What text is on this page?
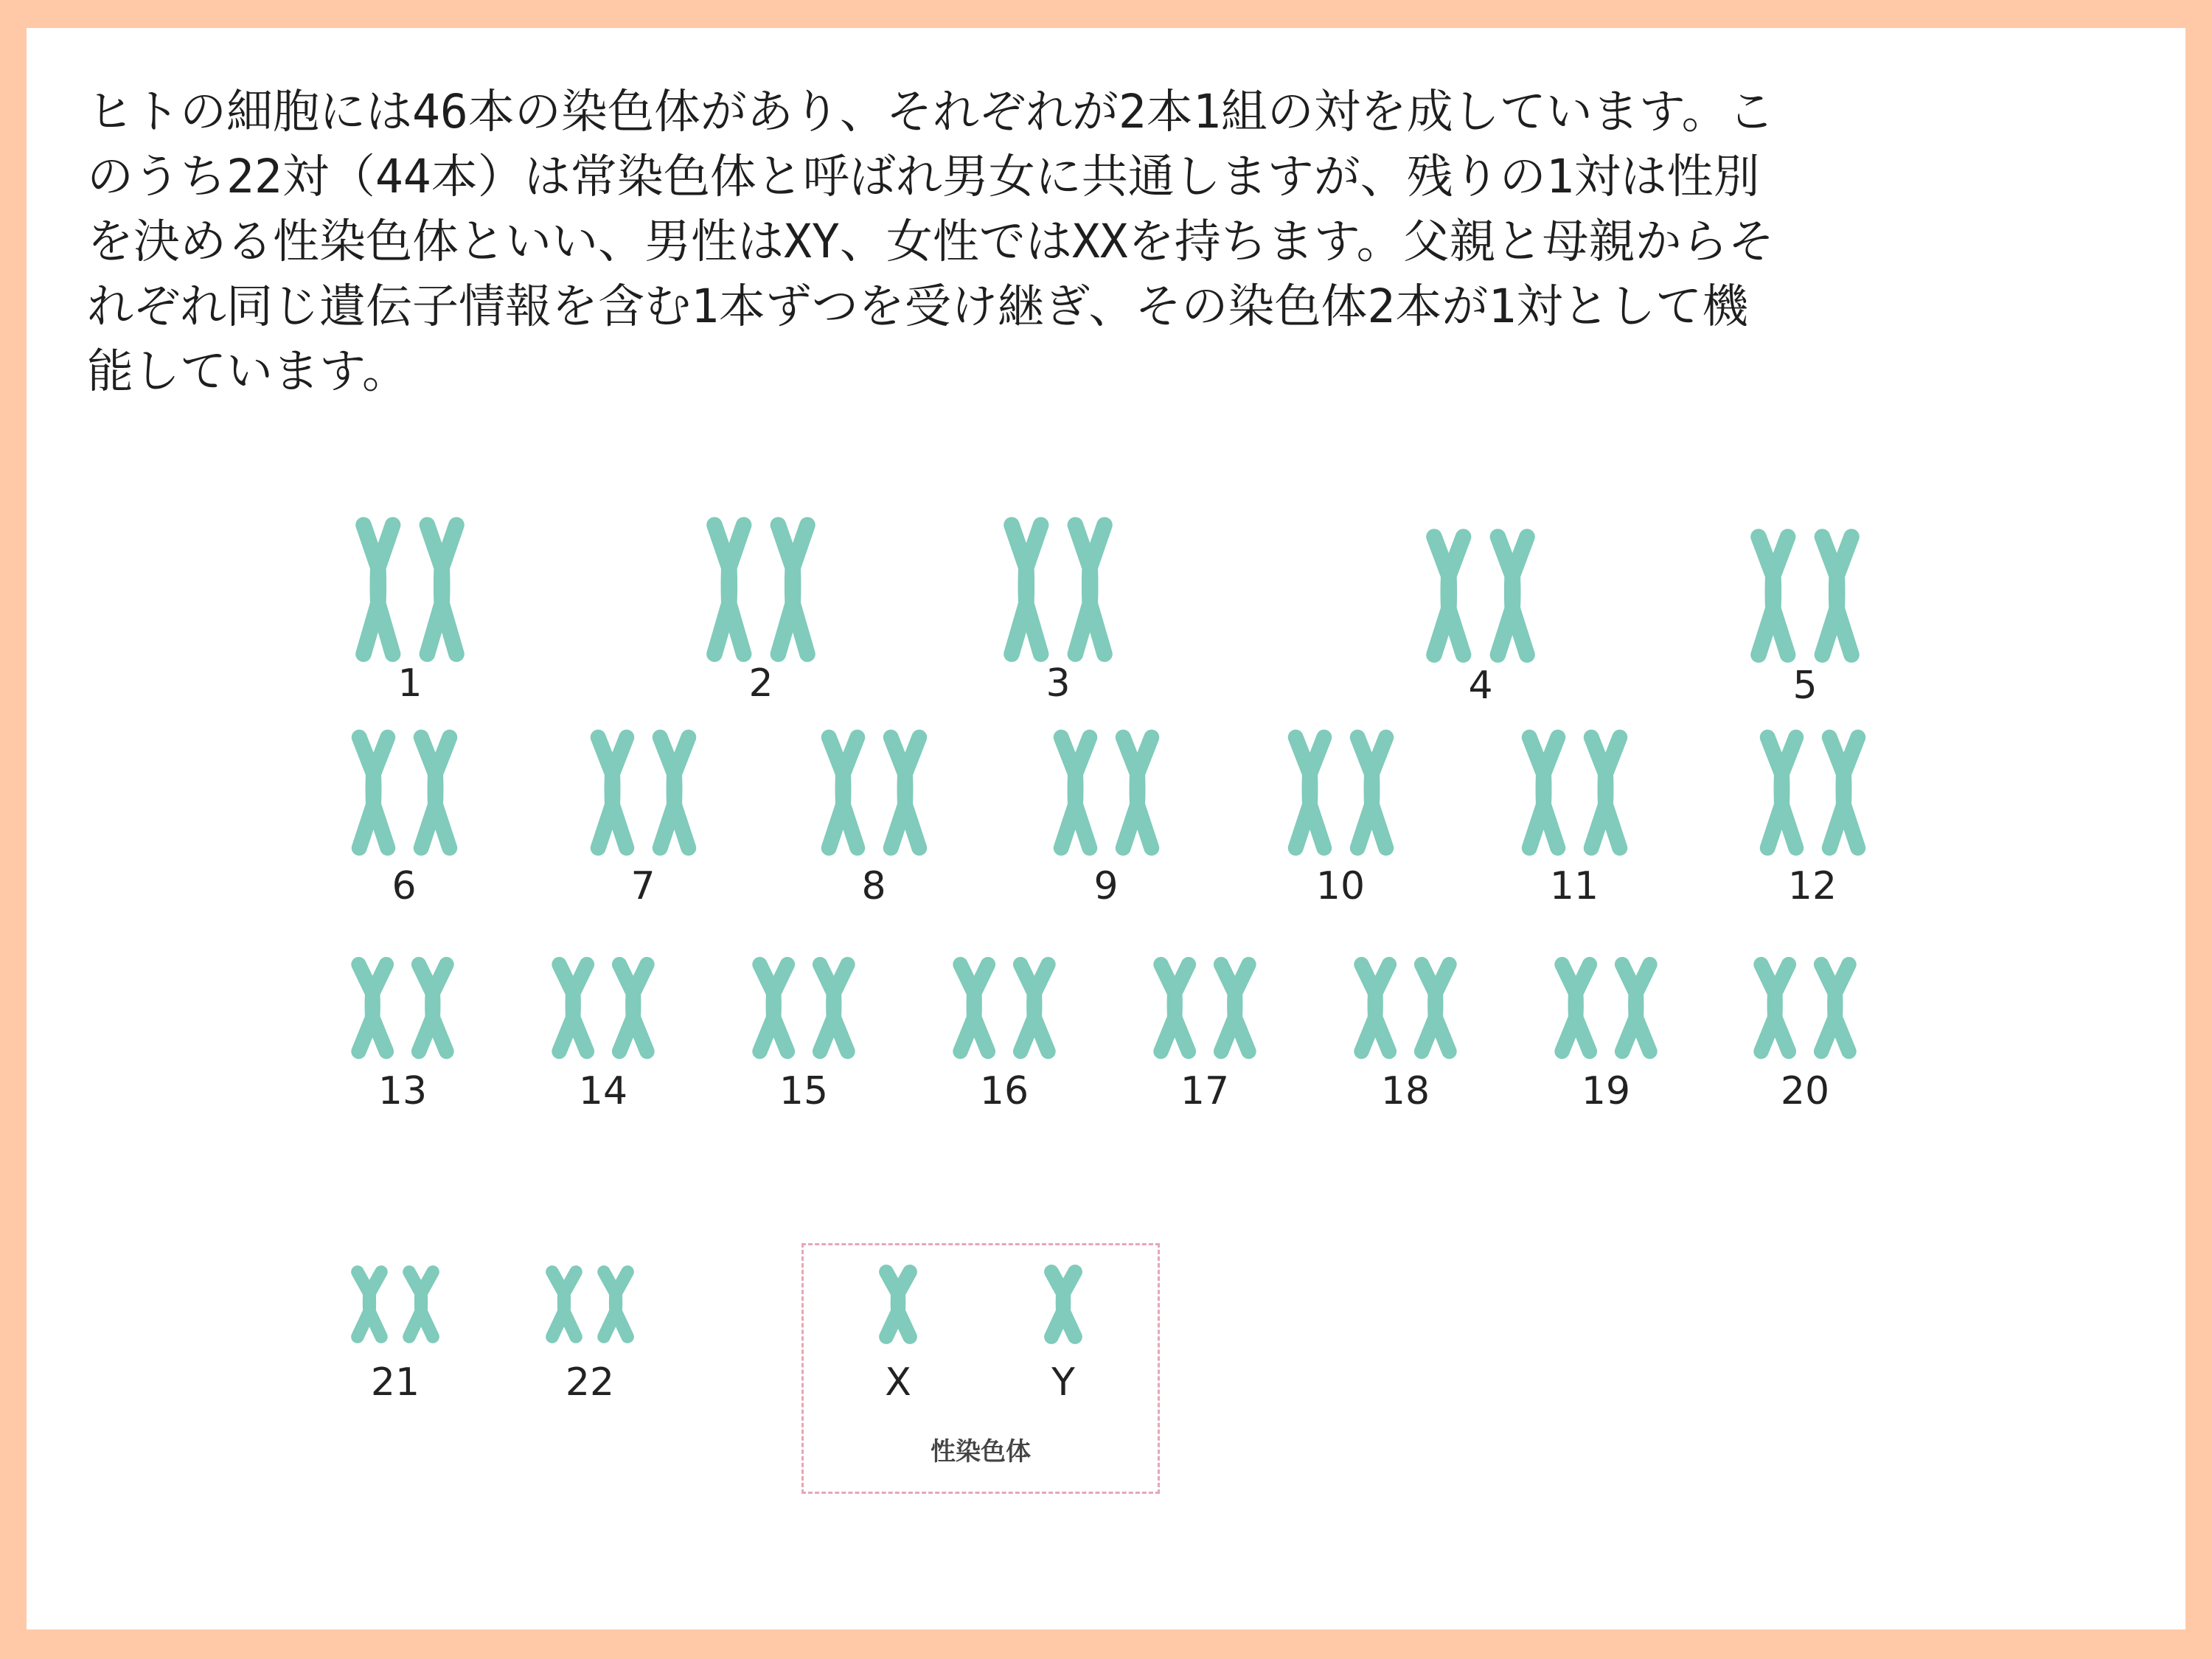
ヒトの細胞には46本の染色体があり、それぞれが2本1組の対を成しています。こ
のうち22対（44本）は常染色体と呼ばれ男女に共通しますが、残りの1対は性別
を決める性染色体といい、男性はXY、女性ではXXを持ちます。父親と母親からそ
れぞれ同じ遺伝子情報を含む1本ずつを受け継ぎ、その染色体2本が1対として機
能しています。

性染色体
1	2	3	4	5
6	7	8	9	10	11	12
13	14	15	16	17	18	19	20
21	22	X	Y
